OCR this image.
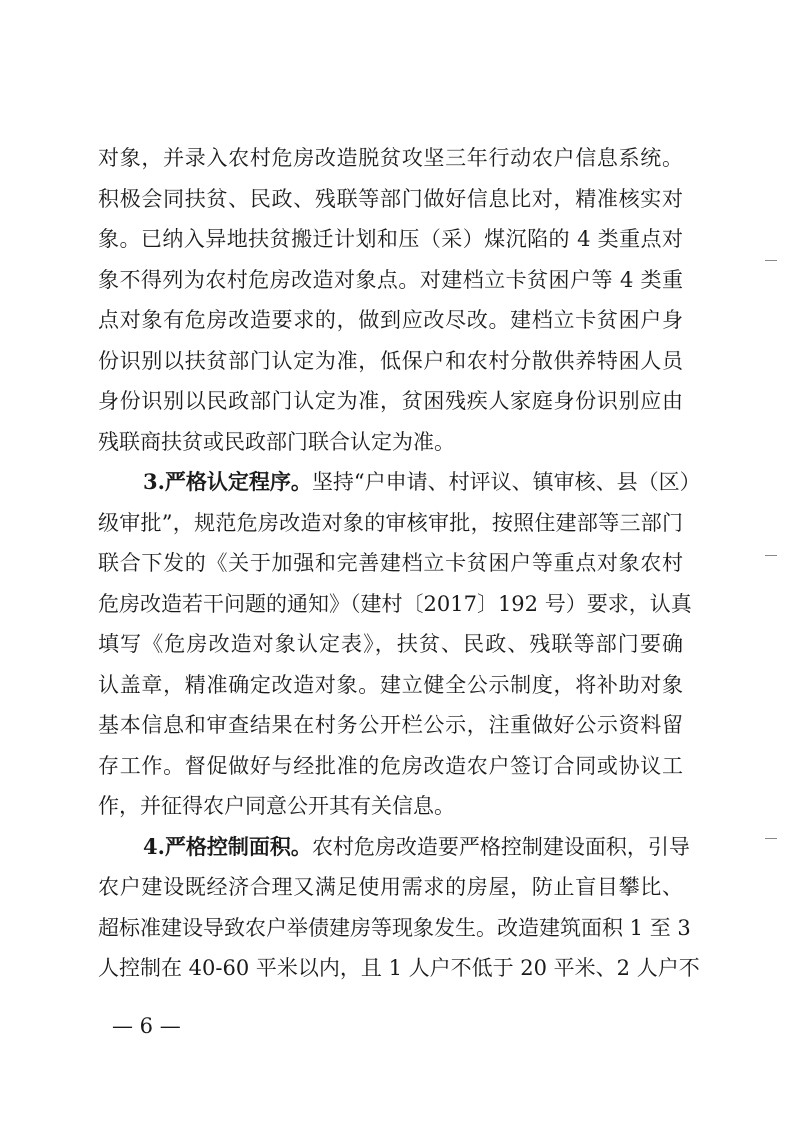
对象，并录入农村危房改造脱贫攻坚三年行动农户信息系统。
积极会同扶贫、民政、残联等部门做好信息比对，精准核实对
象。已纳入异地扶贫搬迁计划和压（采）煤沉陷的 4 类重点对
象不得列为农村危房改造对象点。对建档立卡贫困户等 4 类重
点对象有危房改造要求的，做到应改尽改。建档立卡贫困户身
份识别以扶贫部门认定为准，低保户和农村分散供养特困人员
身份识别以民政部门认定为准，贫困残疾人家庭身份识别应由
残联商扶贫或民政部门联合认定为准。
3.严格认定程序。坚持“户申请、村评议、镇审核、县（区）
级审批”，规范危房改造对象的审核审批，按照住建部等三部门
联合下发的《关于加强和完善建档立卡贫困户等重点对象农村
危房改造若干问题的通知》（建村〔2017〕192 号）要求，认真
填写《危房改造对象认定表》，扶贫、民政、残联等部门要确
认盖章，精准确定改造对象。建立健全公示制度，将补助对象
基本信息和审查结果在村务公开栏公示，注重做好公示资料留
存工作。督促做好与经批准的危房改造农户签订合同或协议工
作，并征得农户同意公开其有关信息。
4.严格控制面积。农村危房改造要严格控制建设面积，引导
农户建设既经济合理又满足使用需求的房屋，防止盲目攀比、
超标准建设导致农户举债建房等现象发生。改造建筑面积 1 至 3
人控制在 40-60 平米以内，且 1 人户不低于 20 平米、2 人户不
— 6 —
